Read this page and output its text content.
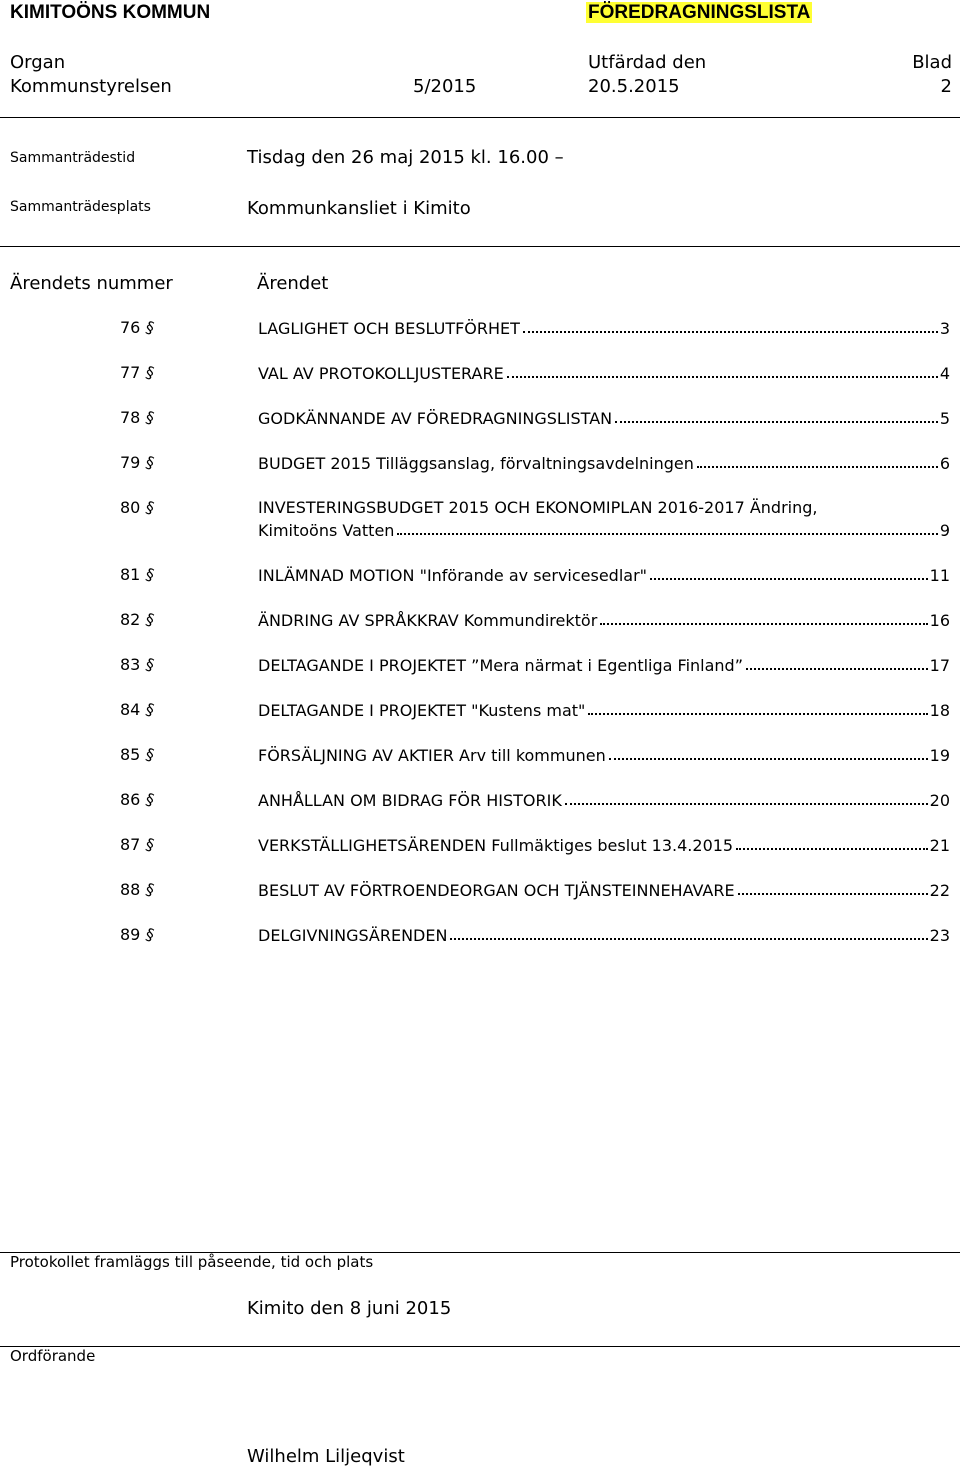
KIMITOÖNS KOMMUN	FÖREDRAGNINGSLISTA
Organ	Utfärdad den	Blad
Kommunstyrelsen	5/2015	20.5.2015	2
Sammanträdestid	Tisdag den 26 maj 2015 kl. 16.00 –
Sammanträdesplats	Kommunkansliet i Kimito
Ärendets nummer	Ärendet
76 §	LAGLIGHET OCH BESLUTFÖRHET	3
77 §	VAL AV PROTOKOLLJUSTERARE	4
78 §	GODKÄNNANDE AV FÖREDRAGNINGSLISTAN	5
79 §	BUDGET 2015 Tilläggsanslag, förvaltningsavdelningen	6
80 §	INVESTERINGSBUDGET 2015 OCH EKONOMIPLAN 2016-2017 Ändring,
Kimitoöns Vatten	9
81 §	INLÄMNAD MOTION "Införande av servicesedlar"	11
82 §	ÄNDRING AV SPRÅKKRAV Kommundirektör	16
83 §	DELTAGANDE I PROJEKTET ”Mera närmat i Egentliga Finland”	17
84 §	DELTAGANDE I PROJEKTET "Kustens mat"	18
85 §	FÖRSÄLJNING AV AKTIER Arv till kommunen	19
86 §	ANHÅLLAN OM BIDRAG FÖR HISTORIK	20
87 §	VERKSTÄLLIGHETSÄRENDEN Fullmäktiges beslut 13.4.2015	21
88 §	BESLUT AV FÖRTROENDEORGAN OCH TJÄNSTEINNEHAVARE	22
89 §	DELGIVNINGSÄRENDEN	23
Protokollet framläggs till påseende, tid och plats
Kimito den 8 juni 2015
Ordförande
Wilhelm Liljeqvist
